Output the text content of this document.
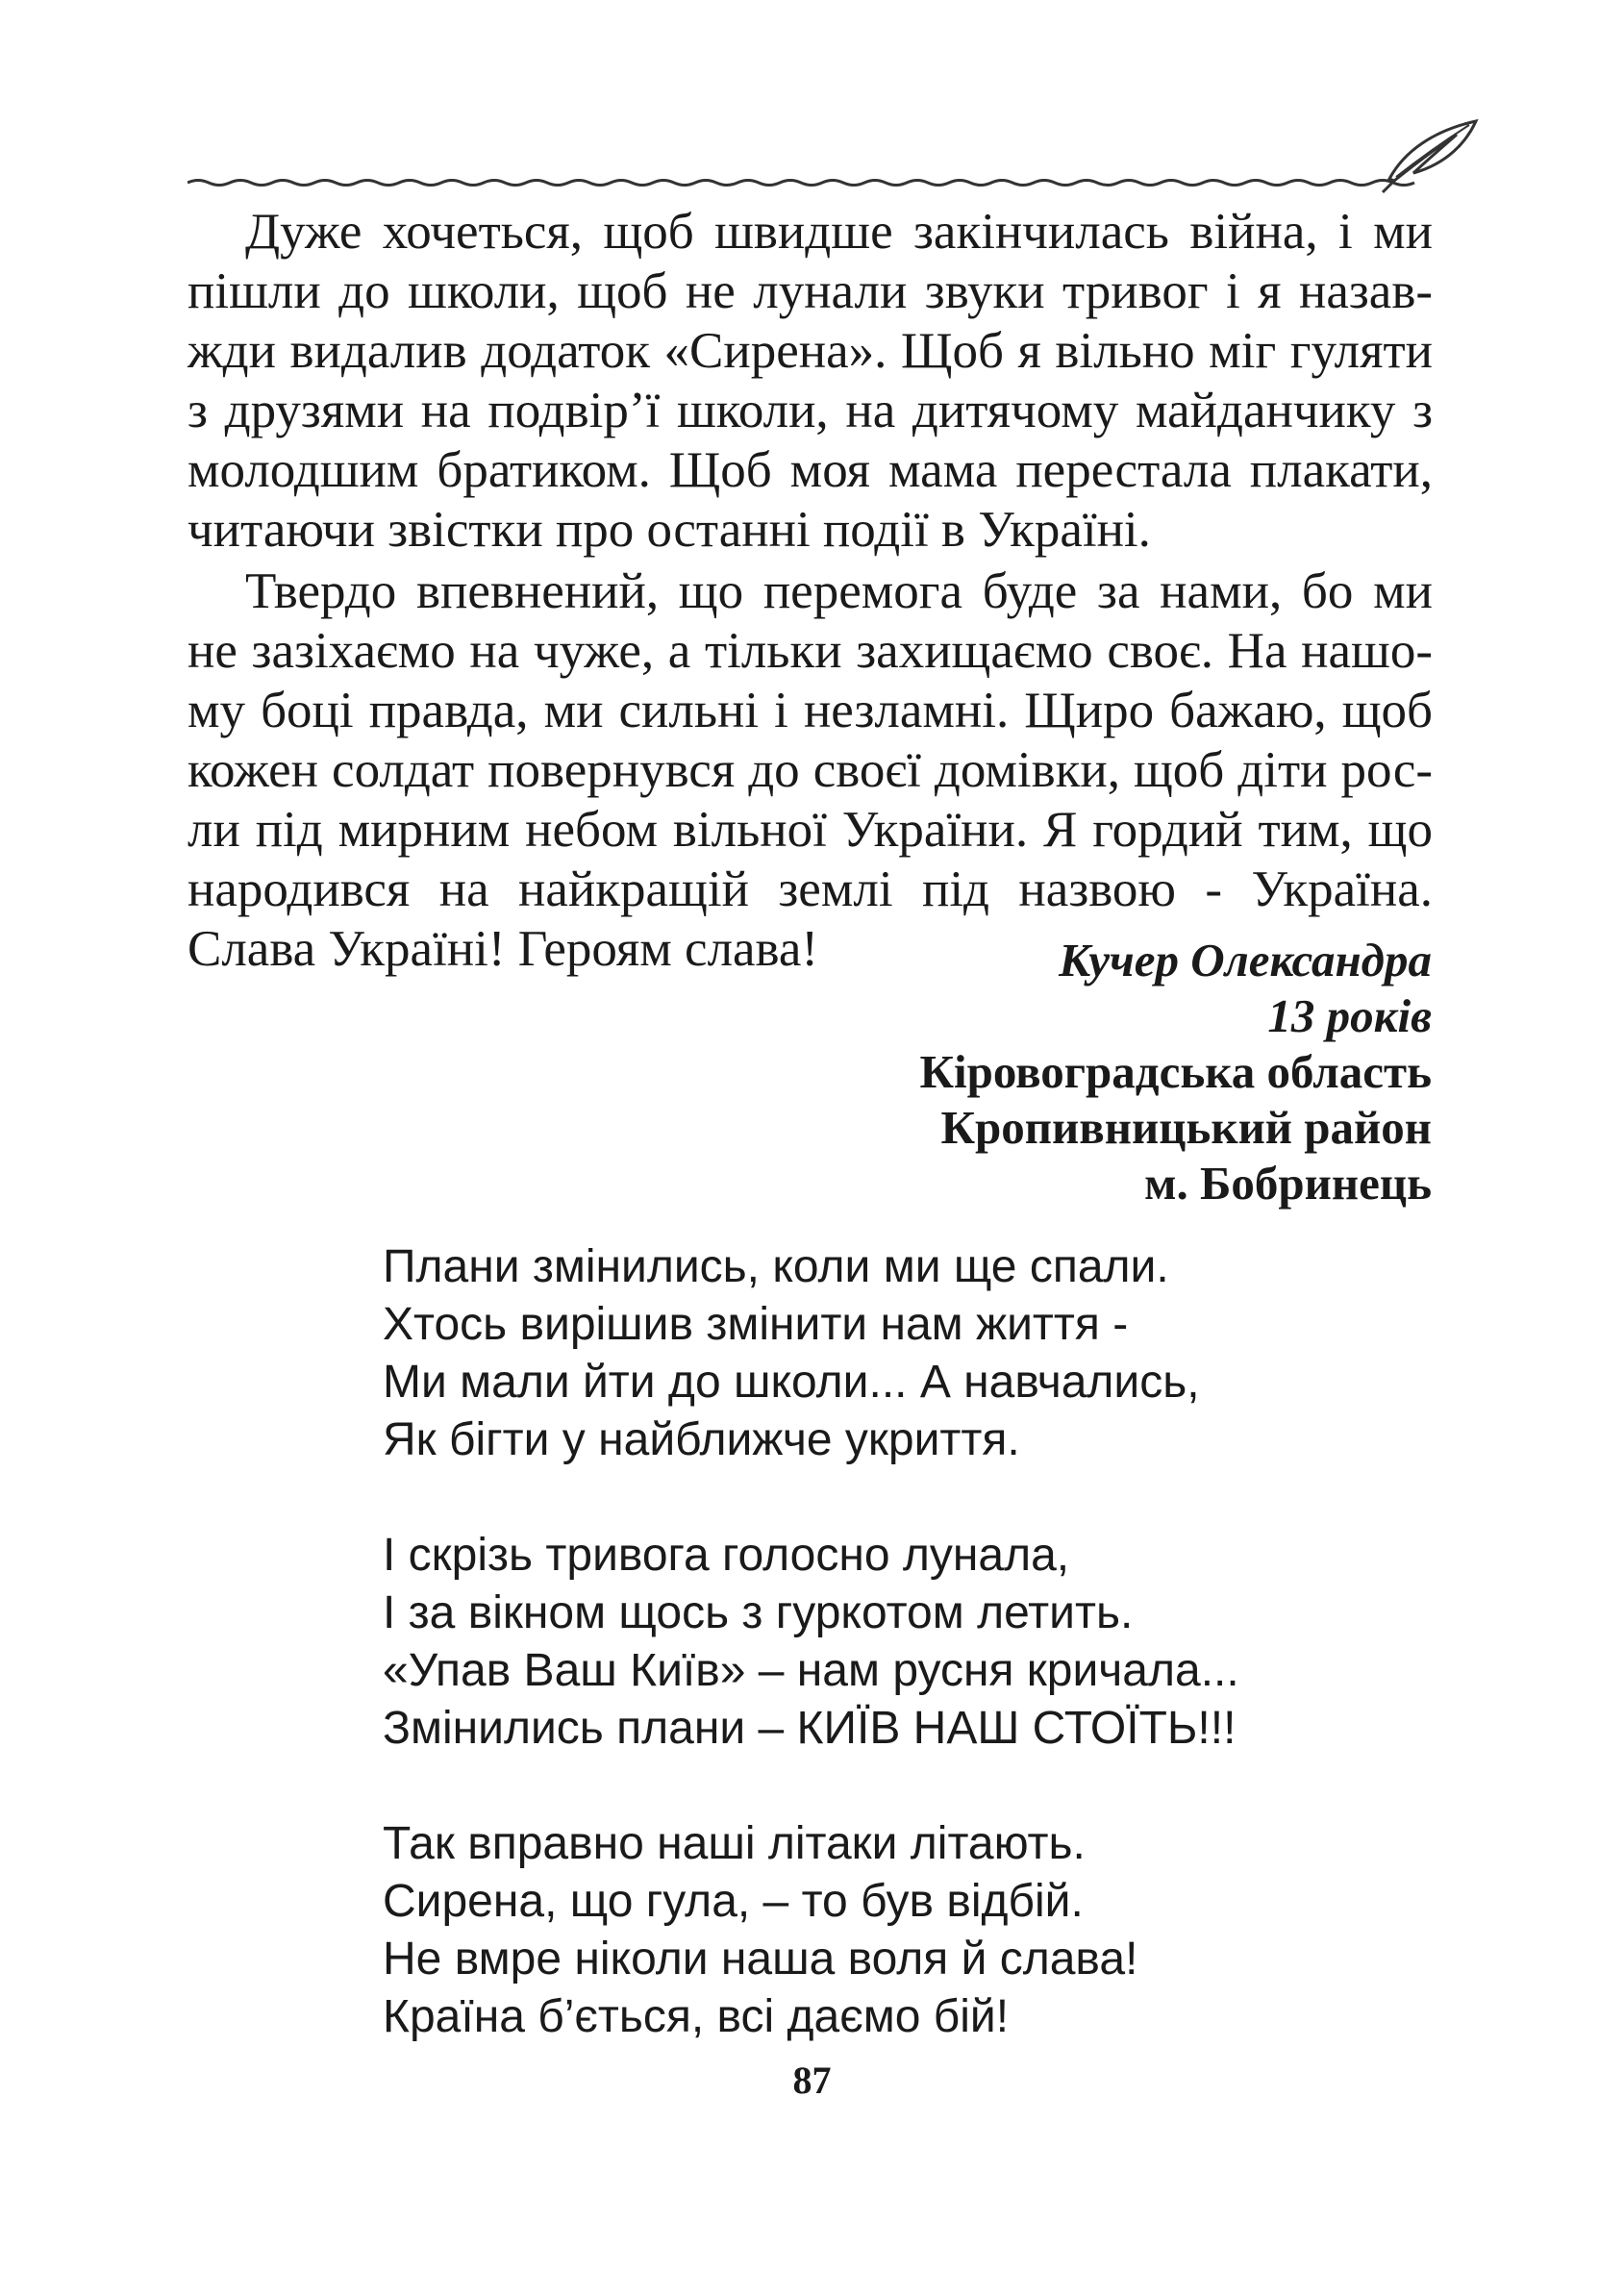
Дуже хочеться, щоб швидше закінчилась війна, і ми пішли до школи, щоб не лунали звуки тривог і я назавжди видалив додаток «Сирена». Щоб я вільно міг гуляти з друзями на подвір’ї школи, на дитячому майданчику з молодшим братиком. Щоб моя мама перестала плакати, читаючи звістки про останні події в Україні.

Твердо впевнений, що перемога буде за нами, бо ми не зазіхаємо на чуже, а тільки захищаємо своє. На нашому боці правда, ми сильні і незламні. Щиро бажаю, щоб кожен солдат повернувся до своєї домівки, щоб діти росли під мирним небом вільної України. Я гордий тим, що народився на найкращій землі під назвою - Україна. Слава Україні! Героям слава!	Кучер Олександра
13 років
Кіровоградська область
Кропивницький район
м. Бобринець
Плани змінились, коли ми ще спали.
Хтось вирішив змінити нам життя -
Ми мали йти до школи... А навчались,
Як бігти у найближче укриття.
І скрізь тривога голосно лунала,
І за вікном щось з гуркотом летить.
«Упав Ваш Київ» – нам русня кричала...
Змінились плани – КИЇВ НАШ СТОЇТЬ!!!
Так вправно наші літаки літають.
Сирена, що гула, – то був відбій.
Не вмре ніколи наша воля й слава!
Країна б’ється, всі даємо бій!
87
